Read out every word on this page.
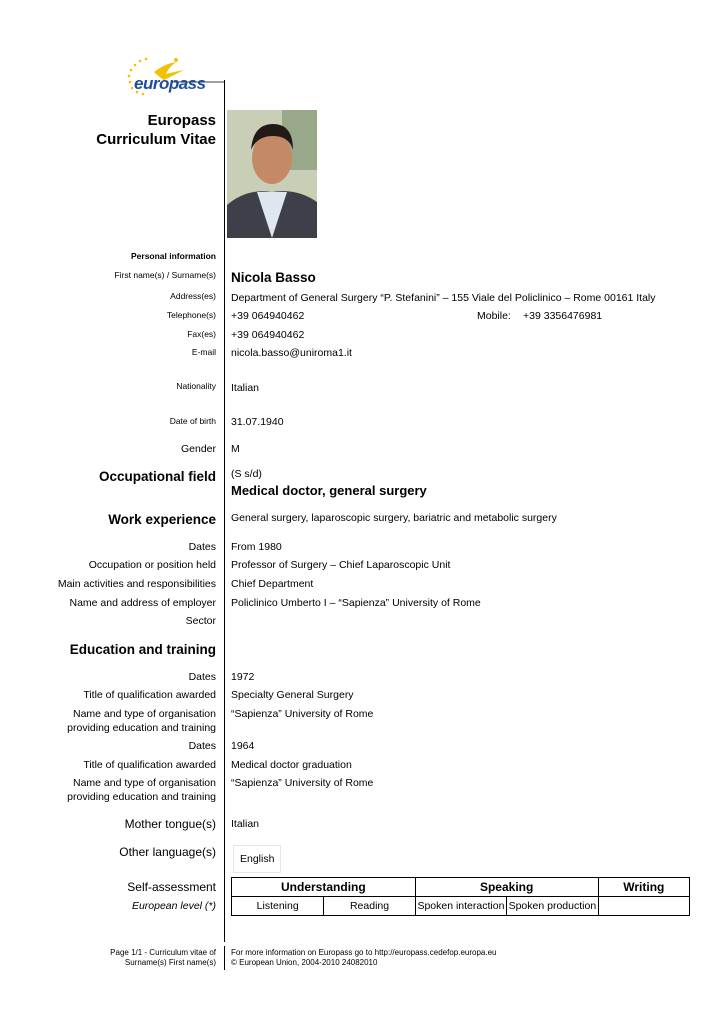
europass
Europass
Curriculum Vitae
Personal information
First name(s) / Surname(s) Nicola Basso
Address(es) Department of General Surgery “P. Stefanini” – 155 Viale del Policlinico – Rome 00161 Italy
Telephone(s) +39 064940462	Mobile: +39 3356476981
Fax(es) +39 064940462
E-mail nicola.basso@uniroma1.it
Nationality Italian
Date of birth 31.07.1940
Gender M
Occupational field (S s/d)
Medical doctor, general surgery
Work experience General surgery, laparoscopic surgery, bariatric and metabolic surgery
Dates From 1980
Occupation or position held Professor of Surgery – Chief Laparoscopic Unit
Main activities and responsibilities Chief Department
Name and address of employer Policlinico Umberto I – “Sapienza” University of Rome
Sector
Education and training
Dates 1972
Title of qualification awarded Specialty General Surgery
Name and type of organisation
providing education and training
“Sapienza” University of Rome
Dates 1964
Title of qualification awarded Medical doctor graduation
Name and type of organisation
providing education and training
“Sapienza” University of Rome
Mother tongue(s) Italian
Other language(s)	English
Self-assessment
European level (*)
Understanding		Speaking		Writing
Listening	Reading	Spoken interaction	Spoken production	
Page 1/1 - Curriculum vitae of
Surname(s) First name(s)
For more information on Europass go to http://europass.cedefop.europa.eu
© European Union, 2004-2010 24082010
